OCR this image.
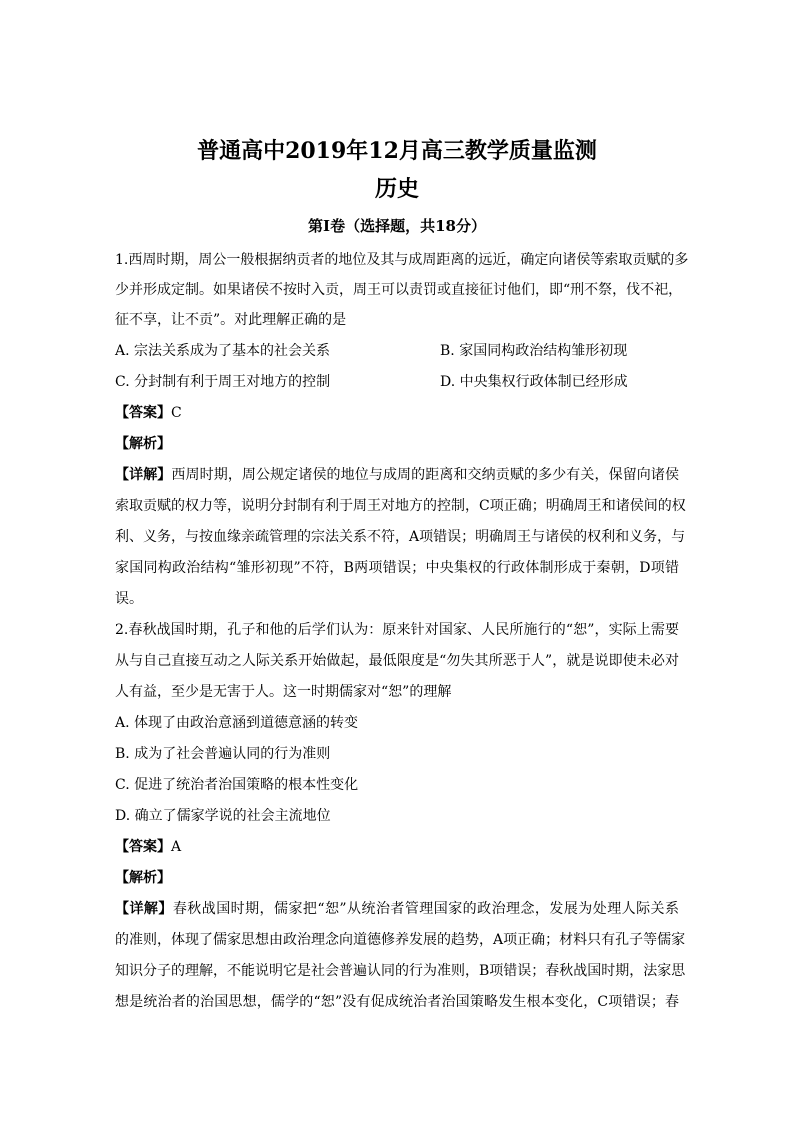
普通高中2019年12月高三教学质量监测
历史
第Ⅰ卷（选择题，共18分）
1.西周时期，周公一般根据纳贡者的地位及其与成周距离的远近，确定向诸侯等索取贡赋的多
少并形成定制。如果诸侯不按时入贡，周王可以责罚或直接征讨他们，即“刑不祭，伐不祀，
征不享，让不贡”。对此理解正确的是
A. 宗法关系成为了基本的社会关系	B. 家国同构政治结构雏形初现
C. 分封制有利于周王对地方的控制	D. 中央集权行政体制已经形成
【答案】C
【解析】
【详解】西周时期，周公规定诸侯的地位与成周的距离和交纳贡赋的多少有关，保留向诸侯
索取贡赋的权力等，说明分封制有利于周王对地方的控制，C项正确；明确周王和诸侯间的权
利、义务，与按血缘亲疏管理的宗法关系不符，A项错误；明确周王与诸侯的权利和义务，与
家国同构政治结构“雏形初现”不符，B两项错误；中央集权的行政体制形成于秦朝，D项错
误。
2.春秋战国时期，孔子和他的后学们认为：原来针对国家、人民所施行的“恕”，实际上需要
从与自己直接互动之人际关系开始做起，最低限度是“勿失其所恶于人”，就是说即使未必对
人有益，至少是无害于人。这一时期儒家对“恕”的理解
A. 体现了由政治意涵到道德意涵的转变
B. 成为了社会普遍认同的行为准则
C. 促进了统治者治国策略的根本性变化
D. 确立了儒家学说的社会主流地位
【答案】A
【解析】
【详解】春秋战国时期，儒家把“恕”从统治者管理国家的政治理念，发展为处理人际关系
的准则，体现了儒家思想由政治理念向道德修养发展的趋势，A项正确；材料只有孔子等儒家
知识分子的理解，不能说明它是社会普遍认同的行为准则，B项错误；春秋战国时期，法家思
想是统治者的治国思想，儒学的“恕”没有促成统治者治国策略发生根本变化，C项错误；春
